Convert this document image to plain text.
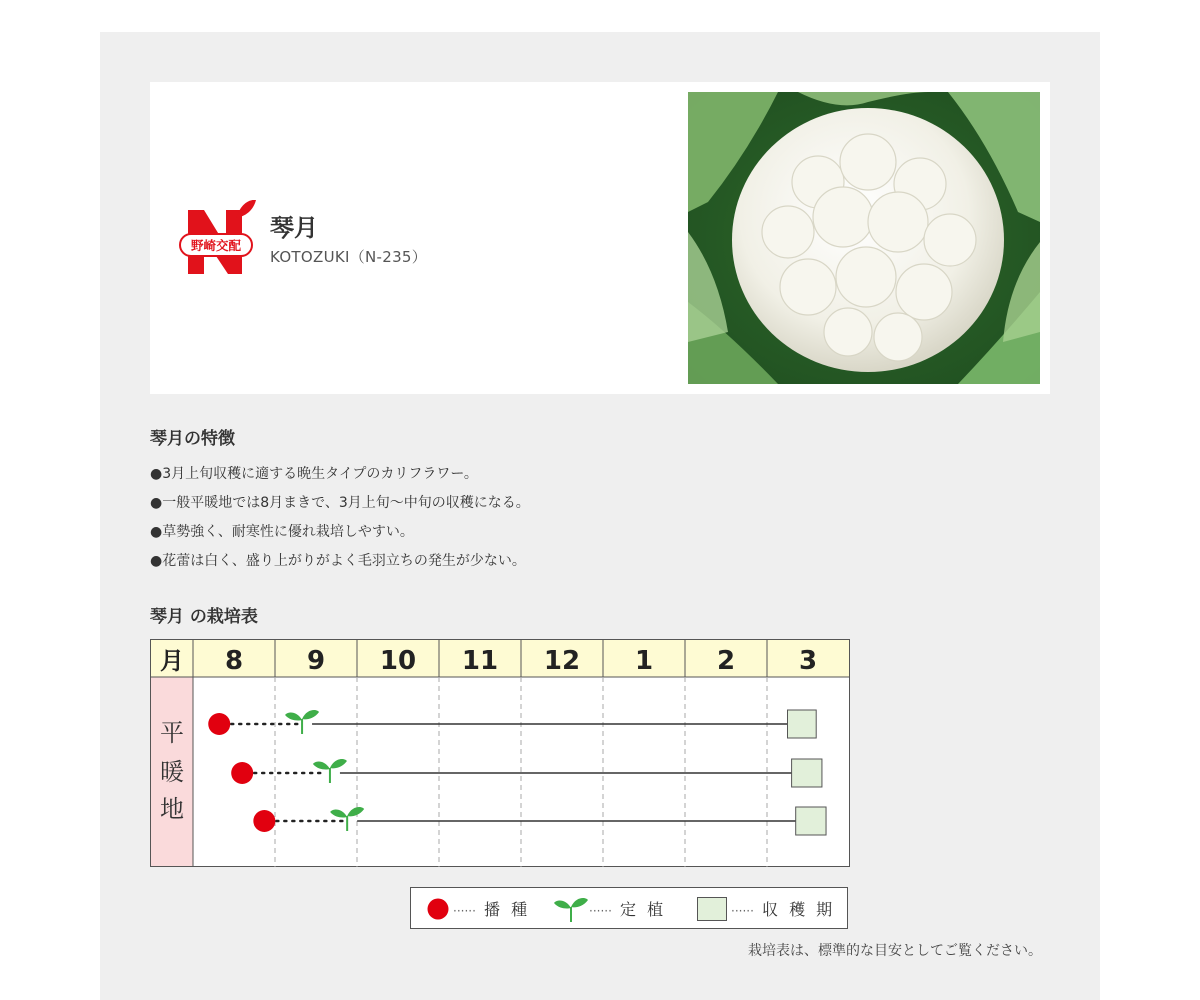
野崎交配
琴月
KOTOZUKI（N-235）
琴月の特徴
●3月上旬収穫に適する晩生タイプのカリフラワー。
●一般平暖地では8月まきで、3月上旬〜中旬の収穫になる。
●草勢強く、耐寒性に優れ栽培しやすい。
●花蕾は白く、盛り上がりがよく毛羽立ちの発生が少ない。
琴月 の栽培表
月
平
暖
地
8 9 10 11 12 1 2 3
······ 播 種	······ 定 植	······ 収 穫 期
栽培表は、標準的な目安としてご覧ください。
